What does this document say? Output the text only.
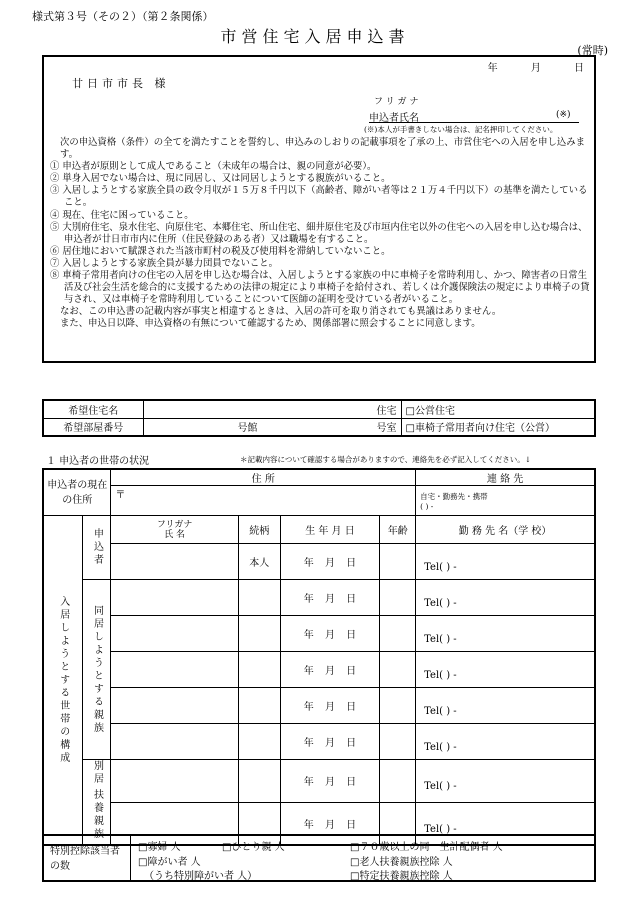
様式第３号（その２）（第２条関係）
市営住宅入居申込書
(常時)
年 月 日
廿日市市長 様
フリガナ
申込者氏名	(※)
(※)本人が手書きしない場合は、記名押印してください。

次の申込資格（条件）の全てを満たすことを誓約し、申込みのしおりの記載事項を了承の上、市営住宅への入居を申し込みます。

① 申込者が原則として成人であること（未成年の場合は、親の同意が必要）。

② 単身入居でない場合は、現に同居し、又は同居しようとする親族がいること。

③ 入居しようとする家族全員の政令月収が１５万８千円以下（高齢者、障がい者等は２１万４千円以下）の基準を満たしていること。

④ 現在、住宅に困っていること。

⑤ 大別府住宅、泉水住宅、向原住宅、本郷住宅、所山住宅、細井原住宅及び市垣内住宅以外の住宅への入居を申し込む場合は、申込者が廿日市市内に住所（住民登録のある者）又は職場を有すること。

⑥ 居住地において賦課された当該市町村の税及び使用料を滞納していないこと。

⑦ 入居しようとする家族全員が暴力団員でないこと。

⑧ 車椅子常用者向けの住宅の入居を申し込む場合は、入居しようとする家族の中に車椅子を常時利用し、かつ、障害者の日常生活及び社会生活を総合的に支援するための法律の規定により車椅子を給付され、若しくは介護保険法の規定により車椅子の貸与され、又は車椅子を常時利用していることについて医師の証明を受けている者がいること。

なお、この申込書の記載内容が事実と相違するときは、入居の許可を取り消されても異議はありません。

また、申込日以降、申込資格の有無について確認するため、関係部署に照会することに同意します。

希望住宅名	住宅	□公営住宅
希望部屋番号	号館 号室	□車椅子常用者向け住宅（公営）
１ 申込者の世帯の状況	＊記載内容について確認する場合がありますので、連絡先を必ず記入してください。↓
申込者の現在の住所		住 所				連 絡 先
		〒				自宅・勤務先・携帯
( ) -

入居しようとする世帯の構成	申込者	フリガナ
氏 名	続柄	生 年 月 日	年齢	勤 務 先 名（学 校）
			本人	年 月 日		Tel( ) -
	同居しようとする親族			年 月 日		Tel( ) -
				年 月 日		Tel( ) -
				年 月 日		Tel( ) -
				年 月 日		Tel( ) -
				年 月 日		Tel( ) -
	別居扶養親族			年 月 日		Tel( ) -
				年 月 日		Tel( ) -
特別控除該当者の数
□寡婦 人	□ひとり親 人	□７０歳以上の同一生計配偶者 人
□障がい者 人	□老人扶養親族控除 人
（うち特別障がい者 人）	□特定扶養親族控除 人
